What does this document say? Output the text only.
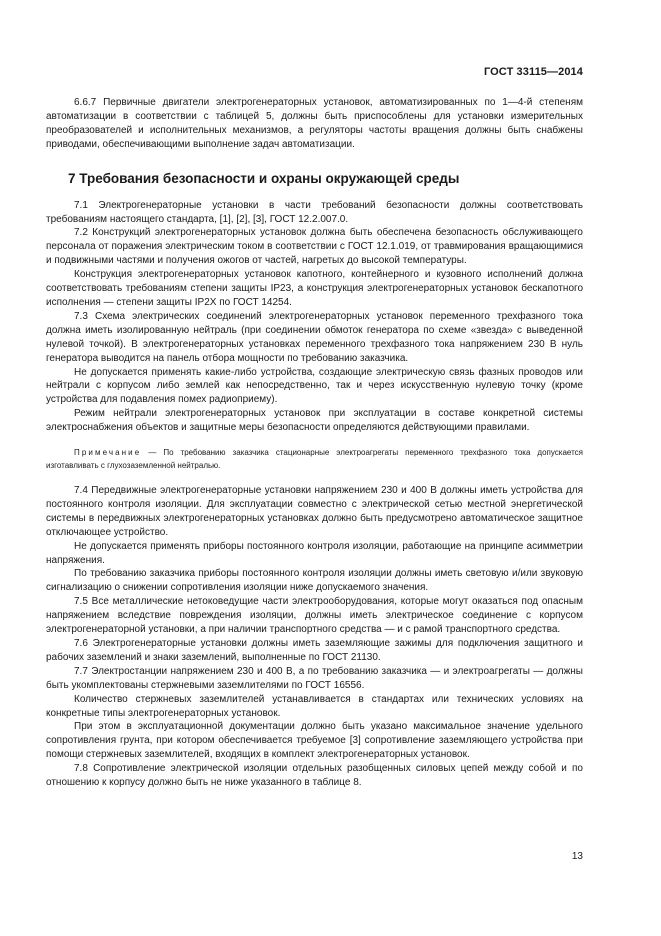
ГОСТ 33115—2014

6.6.7 Первичные двигатели электрогенераторных установок, автоматизированных по 1—4-й степеням автоматизации в соответствии с таблицей 5, должны быть приспособлены для установки измерительных преобразователей и исполнительных механизмов, а регуляторы частоты вращения должны быть снабжены приводами, обеспечивающими выполнение задач автоматизации.

7 Требования безопасности и охраны окружающей среды

7.1 Электрогенераторные установки в части требований безопасности должны соответствовать требованиям настоящего стандарта, [1], [2], [3], ГОСТ 12.2.007.0.

7.2 Конструкций электрогенераторных установок должна быть обеспечена безопасность обслуживающего персонала от поражения электрическим током в соответствии с ГОСТ 12.1.019, от травмирования вращающимися и подвижными частями и получения ожогов от частей, нагретых до высокой температуры.

Конструкция электрогенераторных установок капотного, контейнерного и кузовного исполнений должна соответствовать требованиям степени защиты IP23, а конструкция электрогенераторных установок бескапотного исполнения — степени защиты IP2X по ГОСТ 14254.

7.3 Схема электрических соединений электрогенераторных установок переменного трехфазного тока должна иметь изолированную нейтраль (при соединении обмоток генератора по схеме «звезда» с выведенной нулевой точкой). В электрогенераторных установках переменного трехфазного тока напряжением 230 В нуль генератора выводится на панель отбора мощности по требованию заказчика.

Не допускается применять какие-либо устройства, создающие электрическую связь фазных проводов или нейтрали с корпусом либо землей как непосредственно, так и через искусственную нулевую точку (кроме устройства для подавления помех радиоприему).

Режим нейтрали электрогенераторных установок при эксплуатации в составе конкретной системы электроснабжения объектов и защитные меры безопасности определяются действующими правилами.

Примечание — По требованию заказчика стационарные электроагрегаты переменного трехфазного тока допускается изготавливать с глухозаземленной нейтралью.

7.4 Передвижные электрогенераторные установки напряжением 230 и 400 В должны иметь устройства для постоянного контроля изоляции. Для эксплуатации совместно с электрической сетью местной энергетической системы в передвижных электрогенераторных установках должно быть предусмотрено автоматическое защитное отключающее устройство.

Не допускается применять приборы постоянного контроля изоляции, работающие на принципе асимметрии напряжения.

По требованию заказчика приборы постоянного контроля изоляции должны иметь световую и/или звуковую сигнализацию о снижении сопротивления изоляции ниже допускаемого значения.

7.5 Все металлические нетоковедущие части электрооборудования, которые могут оказаться под опасным напряжением вследствие повреждения изоляции, должны иметь электрическое соединение с корпусом электрогенераторной установки, а при наличии транспортного средства — и с рамой транспортного средства.

7.6 Электрогенераторные установки должны иметь заземляющие зажимы для подключения защитного и рабочих заземлений и знаки заземлений, выполненные по ГОСТ 21130.

7.7 Электростанции напряжением 230 и 400 В, а по требованию заказчика — и электроагрегаты — должны быть укомплектованы стержневыми заземлителями по ГОСТ 16556.

Количество стержневых заземлителей устанавливается в стандартах или технических условиях на конкретные типы электрогенераторных установок.

При этом в эксплуатационной документации должно быть указано максимальное значение удельного сопротивления грунта, при котором обеспечивается требуемое [3] сопротивление заземляющего устройства при помощи стержневых заземлителей, входящих в комплект электрогенераторных установок.

7.8 Сопротивление электрической изоляции отдельных разобщенных силовых цепей между собой и по отношению к корпусу должно быть не ниже указанного в таблице 8.

13
